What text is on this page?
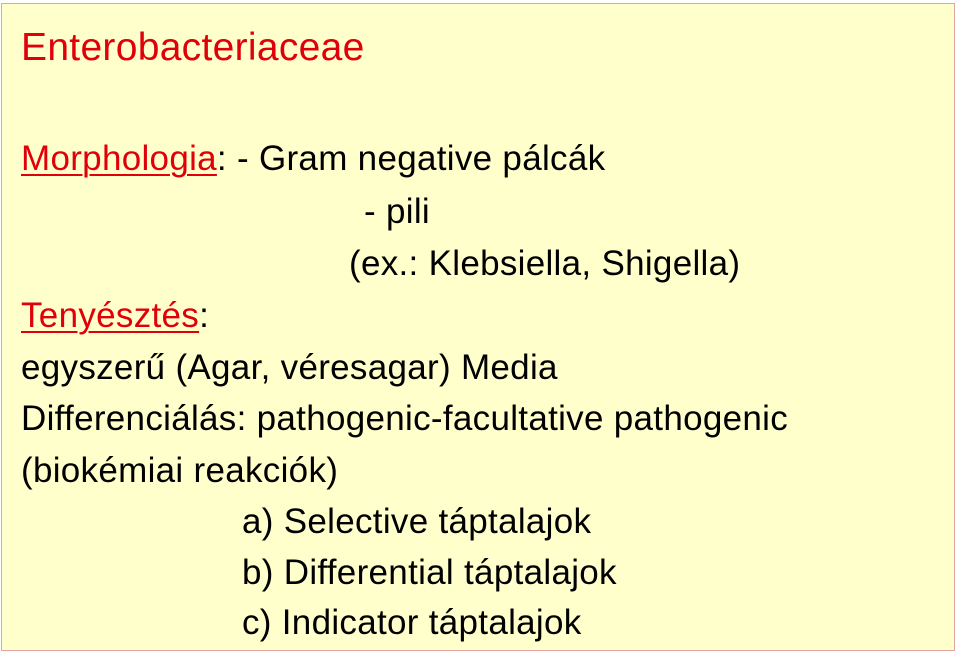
Enterobacteriaceae
Morphologia: - Gram negative pálcák
- pili
(ex.: Klebsiella, Shigella)
Tenyésztés:
egyszerű (Agar, véresagar) Media
Differenciálás: pathogenic-facultative pathogenic
(biokémiai reakciók)
a) Selective táptalajok
b) Differential táptalajok
c) Indicator táptalajok
